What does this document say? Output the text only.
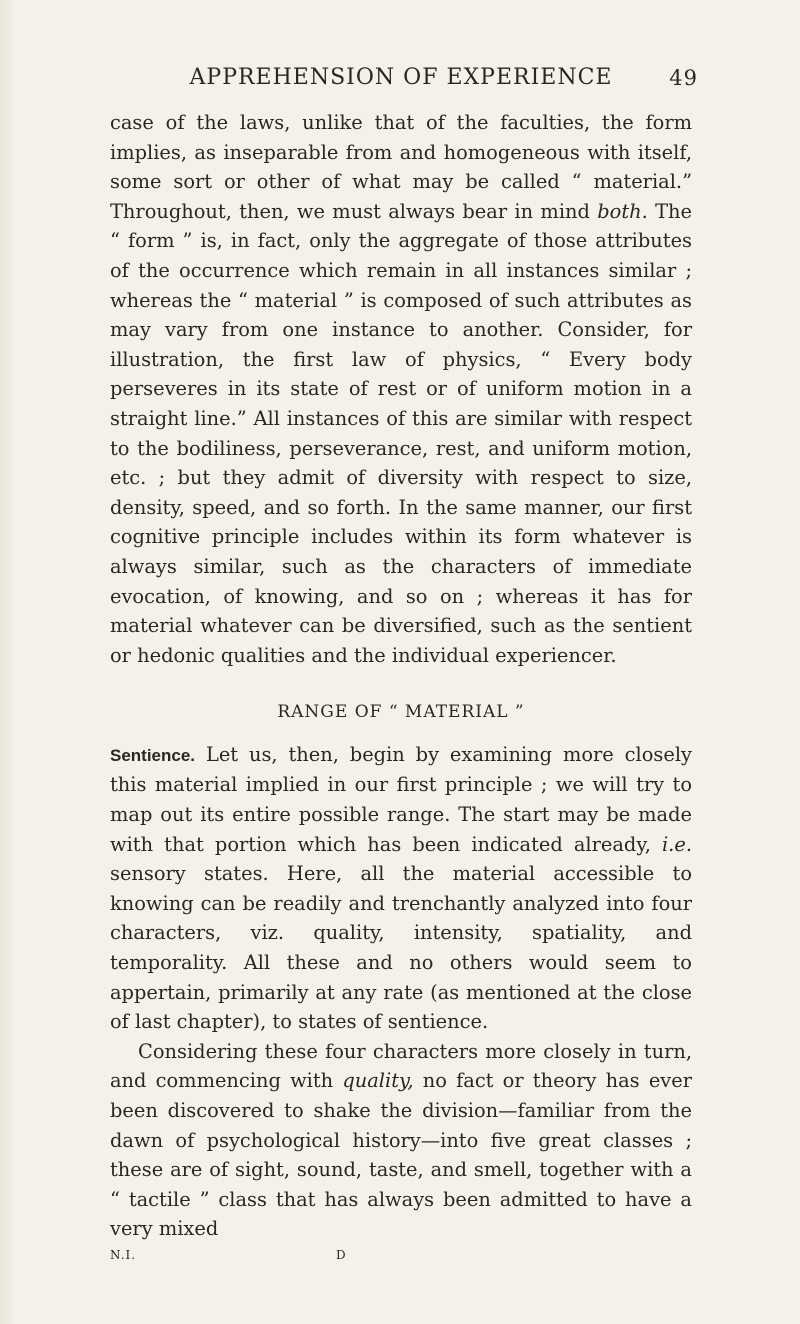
APPREHENSION OF EXPERIENCE	49

case of the laws, unlike that of the faculties, the form implies, as inseparable from and homogeneous with itself, some sort or other of what may be called “ material.” Throughout, then, we must always bear in mind both. The “ form ” is, in fact, only the aggregate of those attributes of the occurrence which remain in all instances similar ; whereas the “ material ” is composed of such attributes as may vary from one instance to another. Consider, for illustration, the first law of physics, “ Every body perseveres in its state of rest or of uniform motion in a straight line.” All instances of this are similar with respect to the bodiliness, perseverance, rest, and uniform motion, etc. ; but they admit of diversity with respect to size, density, speed, and so forth. In the same manner, our first cognitive principle includes within its form whatever is always similar, such as the characters of immediate evocation, of knowing, and so on ; whereas it has for material whatever can be diversified, such as the sentient or hedonic qualities and the individual experiencer.

RANGE OF “ MATERIAL ”

Sentience. Let us, then, begin by examining more closely this material implied in our first principle ; we will try to map out its entire possible range. The start may be made with that portion which has been indicated already, i.e. sensory states. Here, all the material accessible to knowing can be readily and trenchantly analyzed into four characters, viz. quality, intensity, spatiality, and temporality. All these and no others would seem to appertain, primarily at any rate (as mentioned at the close of last chapter), to states of sentience.

Considering these four characters more closely in turn, and commencing with quality, no fact or theory has ever been discovered to shake the division—familiar from the dawn of psychological history—into five great classes ; these are of sight, sound, taste, and smell, together with a “ tactile ” class that has always been admitted to have a very mixed

N.I.	D
